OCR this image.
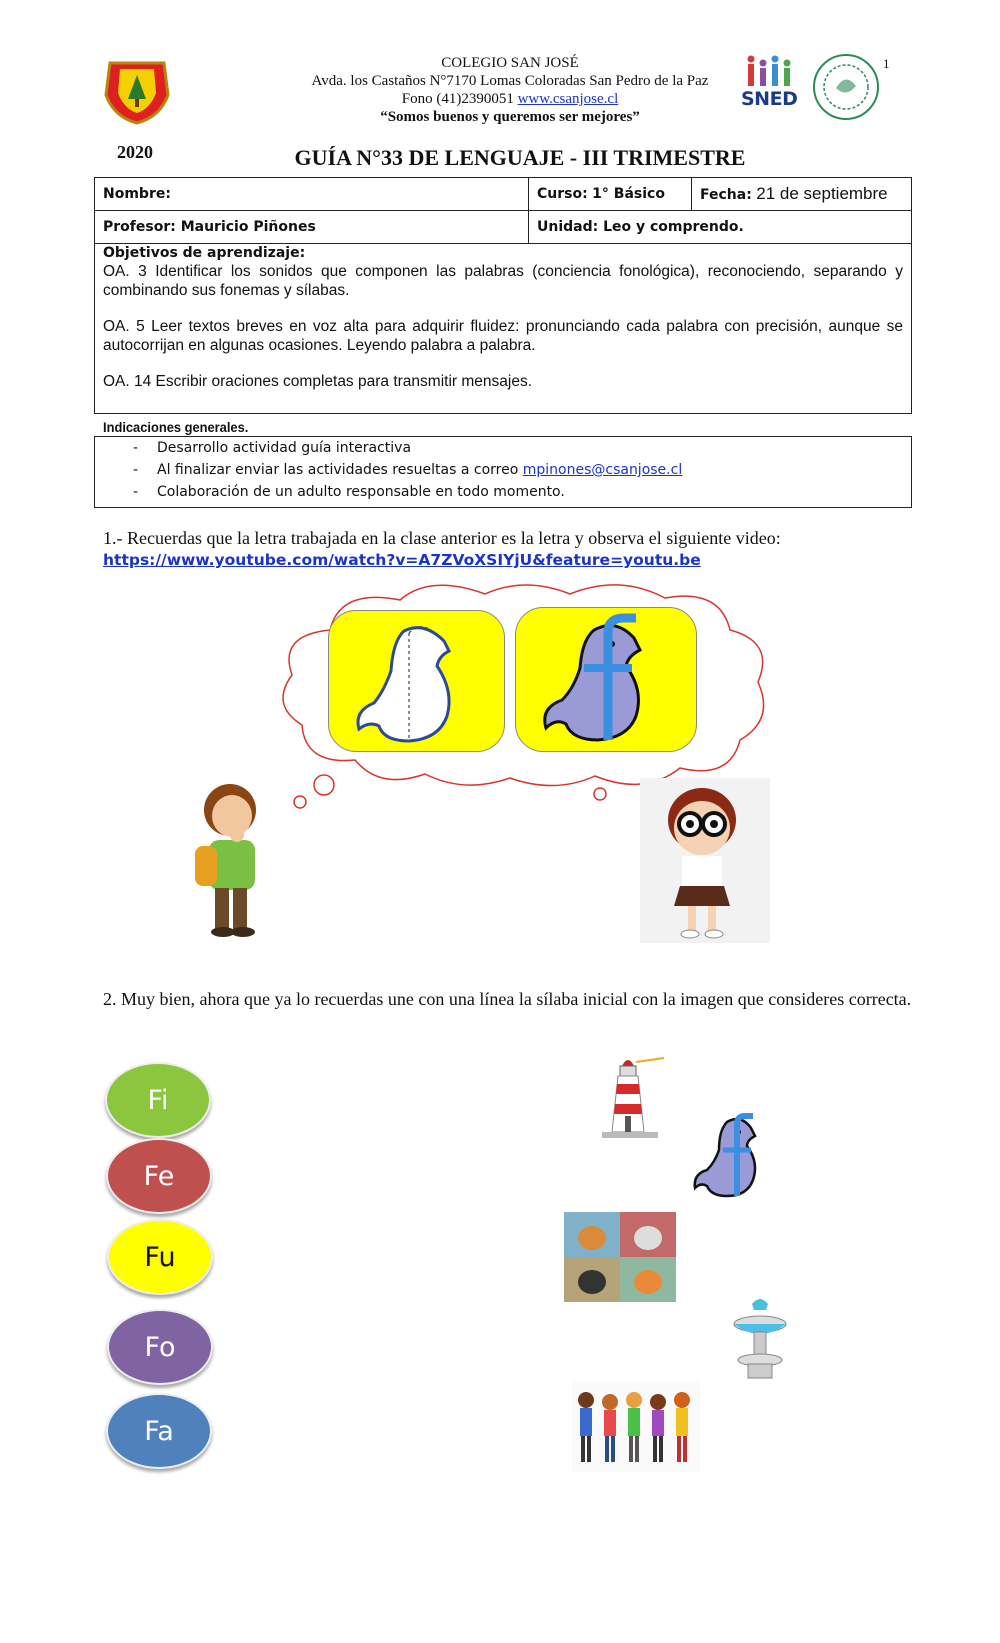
COLEGIO SAN JOSÉ
Avda. los Castaños N°7170 Lomas Coloradas San Pedro de la Paz
Fono (41)2390051 www.csanjose.cl
“Somos buenos y queremos ser mejores”
SNED
1
2020	GUÍA N°33 DE LENGUAJE - III TRIMESTRE
Nombre:	Curso: 1° Básico	Fecha: 21 de septiembre
Profesor: Mauricio Piñones	Unidad: Leo y comprendo.	
Objetivos de aprendizaje:
OA. 3 Identificar los sonidos que componen las palabras (conciencia fonológica), reconociendo, separando y combinando sus fonemas y sílabas.
OA. 5 Leer textos breves en voz alta para adquirir fluidez: pronunciando cada palabra con precisión, aunque se autocorrijan en algunas ocasiones. Leyendo palabra a palabra.
OA. 14 Escribir oraciones completas para transmitir mensajes.
Indicaciones generales.
- Desarrollo actividad guía interactiva
- Al finalizar enviar las actividades resueltas a correo mpinones@csanjose.cl
- Colaboración de un adulto responsable en todo momento.
1.- Recuerdas que la letra trabajada en la clase anterior es la letra y observa el siguiente video:
https://www.youtube.com/watch?v=A7ZVoXSIYjU&feature=youtu.be
2. Muy bien, ahora que ya lo recuerdas une con una línea la sílaba inicial con la imagen que consideres correcta.
Fi
Fe
Fu
Fo
Fa
